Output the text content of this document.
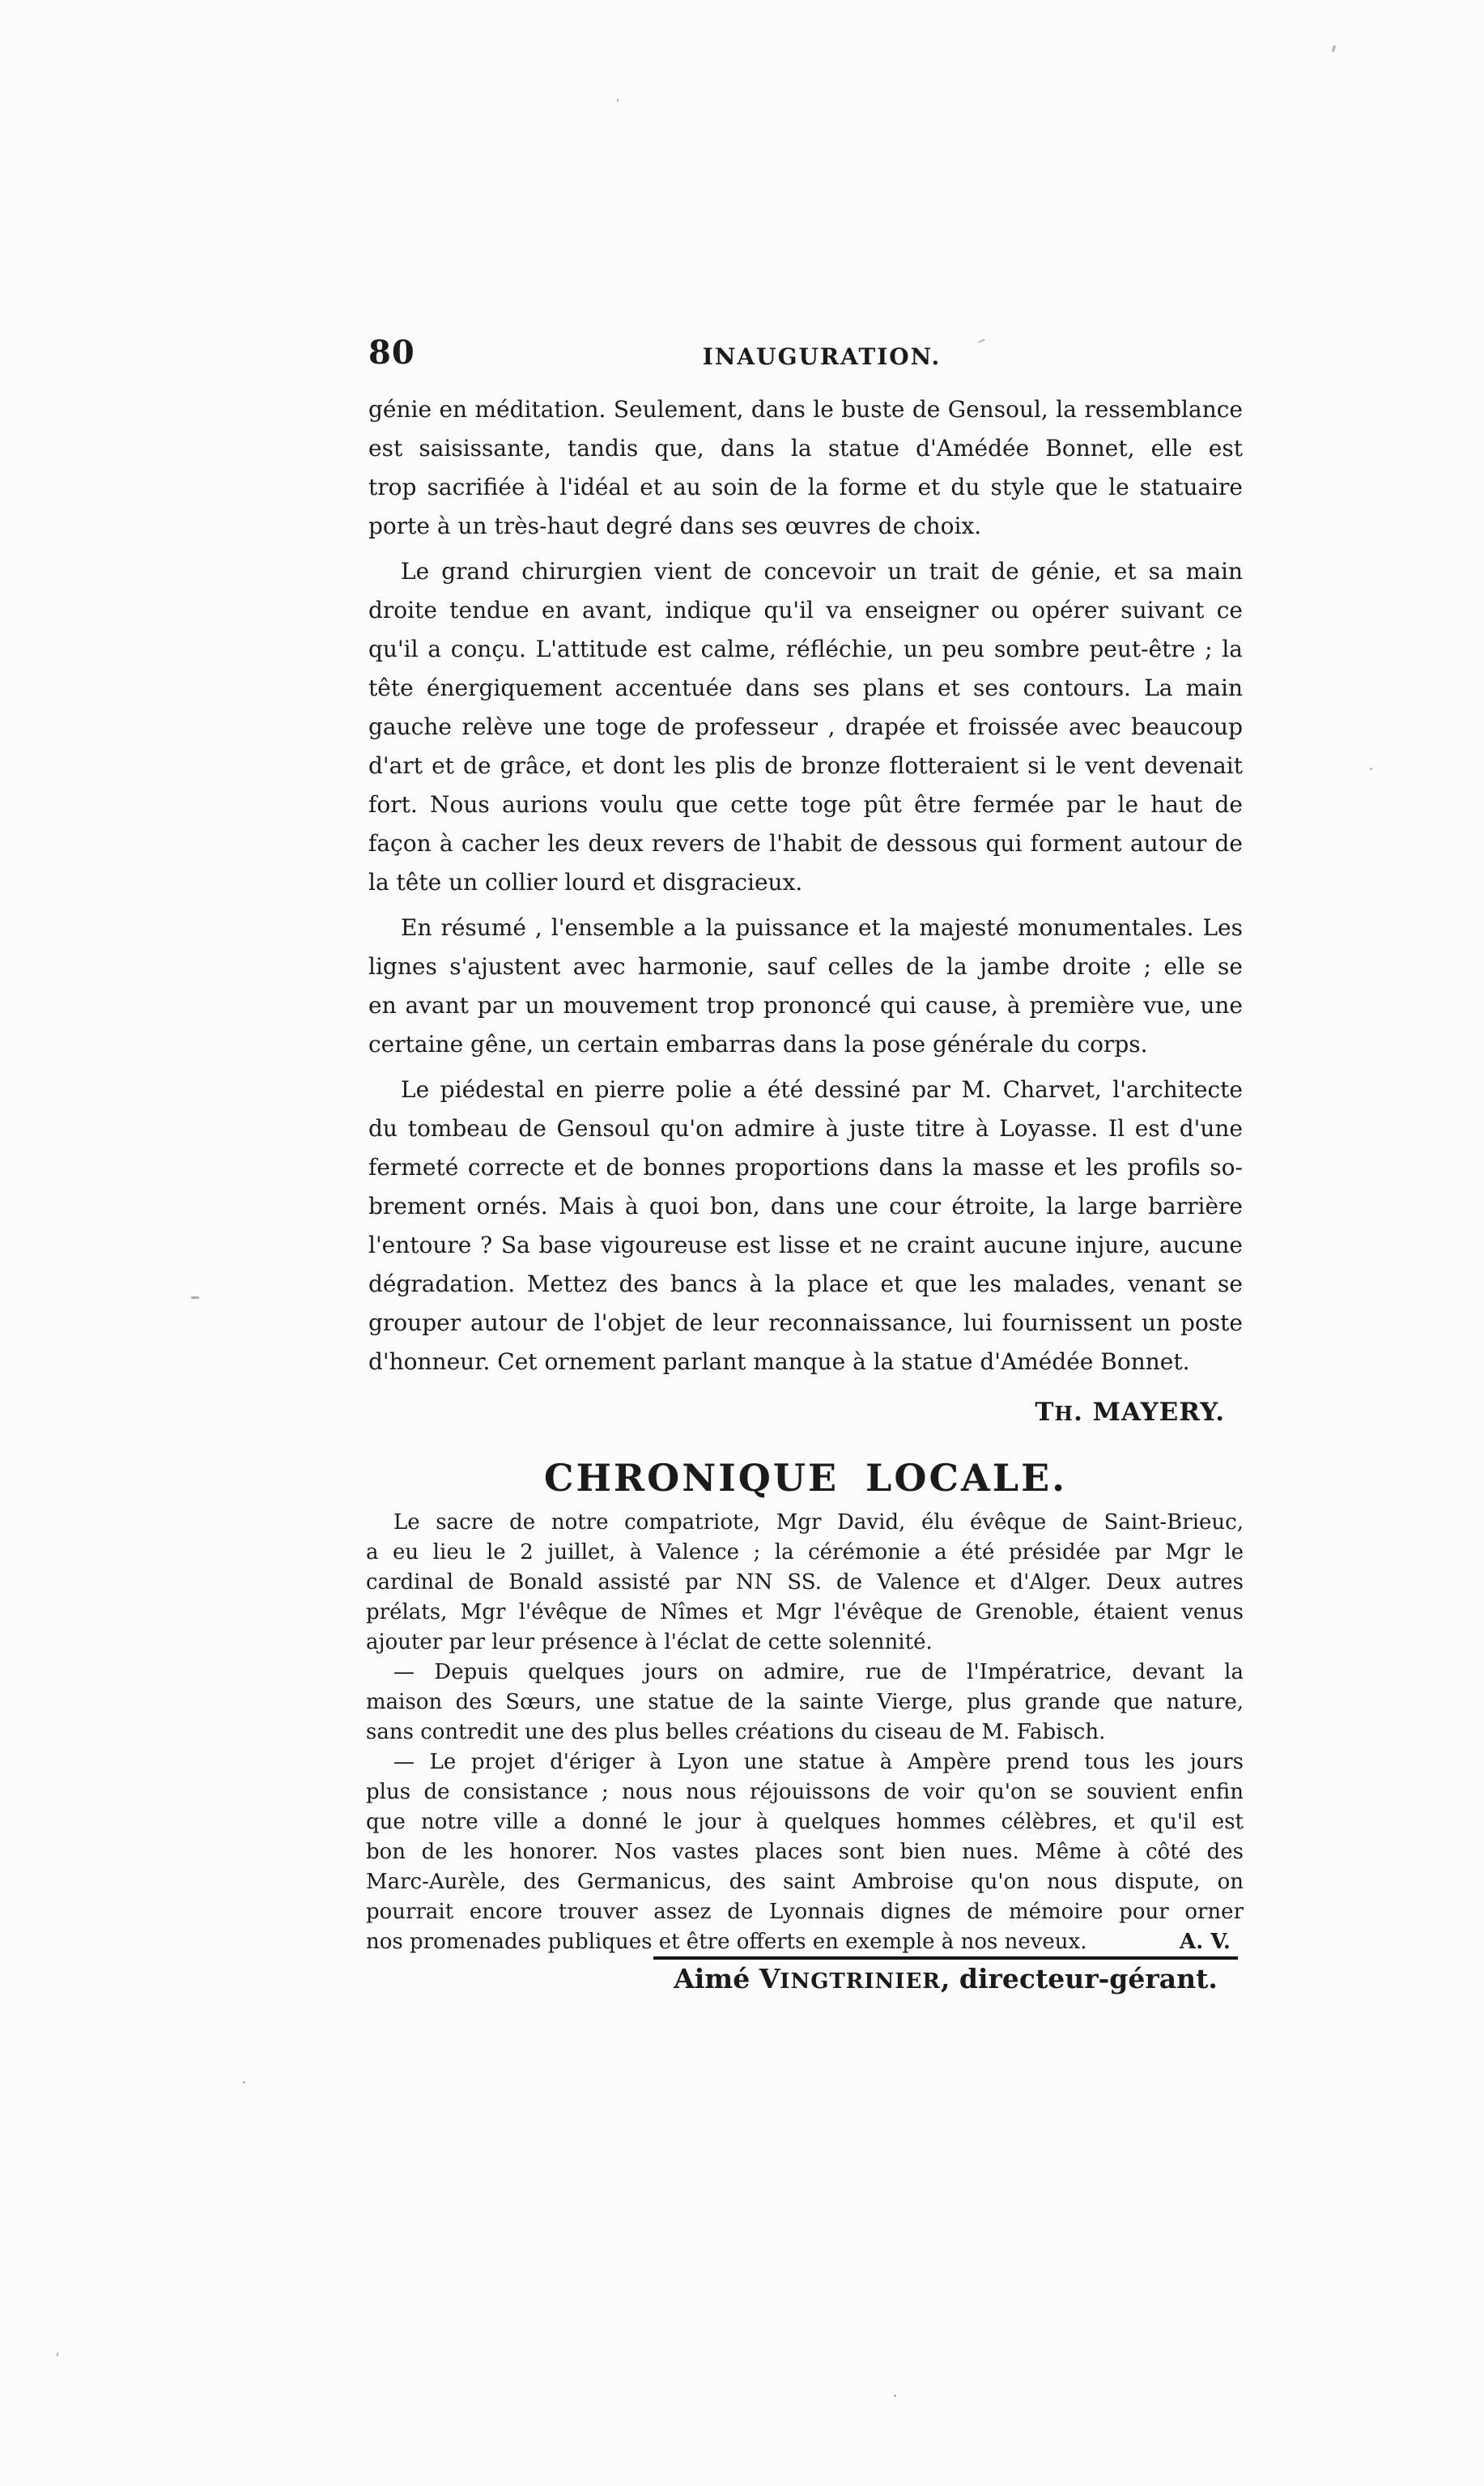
80	INAUGURATION.
génie en méditation. Seulement, dans le buste de Gensoul, la ressemblance
est saisissante, tandis que, dans la statue d'Amédée Bonnet, elle est
trop sacrifiée à l'idéal et au soin de la forme et du style que le statuaire
porte à un très-haut degré dans ses œuvres de choix.
Le grand chirurgien vient de concevoir un trait de génie, et sa main
droite tendue en avant, indique qu'il va enseigner ou opérer suivant ce
qu'il a conçu. L'attitude est calme, réfléchie, un peu sombre peut-être ; la
tête énergiquement accentuée dans ses plans et ses contours. La main
gauche relève une toge de professeur , drapée et froissée avec beaucoup
d'art et de grâce, et dont les plis de bronze flotteraient si le vent devenait
fort. Nous aurions voulu que cette toge pût être fermée par le haut de
façon à cacher les deux revers de l'habit de dessous qui forment autour de
la tête un collier lourd et disgracieux.
En résumé , l'ensemble a la puissance et la majesté monumentales. Les
lignes s'ajustent avec harmonie, sauf celles de la jambe droite ; elle se
en avant par un mouvement trop prononcé qui cause, à première vue, une
certaine gêne, un certain embarras dans la pose générale du corps.
Le piédestal en pierre polie a été dessiné par M. Charvet, l'architecte
du tombeau de Gensoul qu'on admire à juste titre à Loyasse. Il est d'une
fermeté correcte et de bonnes proportions dans la masse et les profils so-
brement ornés. Mais à quoi bon, dans une cour étroite, la large barrière
l'entoure ? Sa base vigoureuse est lisse et ne craint aucune injure, aucune
dégradation. Mettez des bancs à la place et que les malades, venant se
grouper autour de l'objet de leur reconnaissance, lui fournissent un poste
d'honneur. Cet ornement parlant manque à la statue d'Amédée Bonnet.
TH. MAYERY.
CHRONIQUE LOCALE.
Le sacre de notre compatriote, Mgr David, élu évêque de Saint-Brieuc,
a eu lieu le 2 juillet, à Valence ; la cérémonie a été présidée par Mgr le
cardinal de Bonald assisté par NN SS. de Valence et d'Alger. Deux autres
prélats, Mgr l'évêque de Nîmes et Mgr l'évêque de Grenoble, étaient venus
ajouter par leur présence à l'éclat de cette solennité.
— Depuis quelques jours on admire, rue de l'Impératrice, devant la
maison des Sœurs, une statue de la sainte Vierge, plus grande que nature,
sans contredit une des plus belles créations du ciseau de M. Fabisch.
— Le projet d'ériger à Lyon une statue à Ampère prend tous les jours
plus de consistance ; nous nous réjouissons de voir qu'on se souvient enfin
que notre ville a donné le jour à quelques hommes célèbres, et qu'il est
bon de les honorer. Nos vastes places sont bien nues. Même à côté des
Marc-Aurèle, des Germanicus, des saint Ambroise qu'on nous dispute, on
pourrait encore trouver assez de Lyonnais dignes de mémoire pour orner
nos promenades publiques et être offerts en exemple à nos neveux.	A. V.
Aimé VINGTRINIER, directeur-gérant.
